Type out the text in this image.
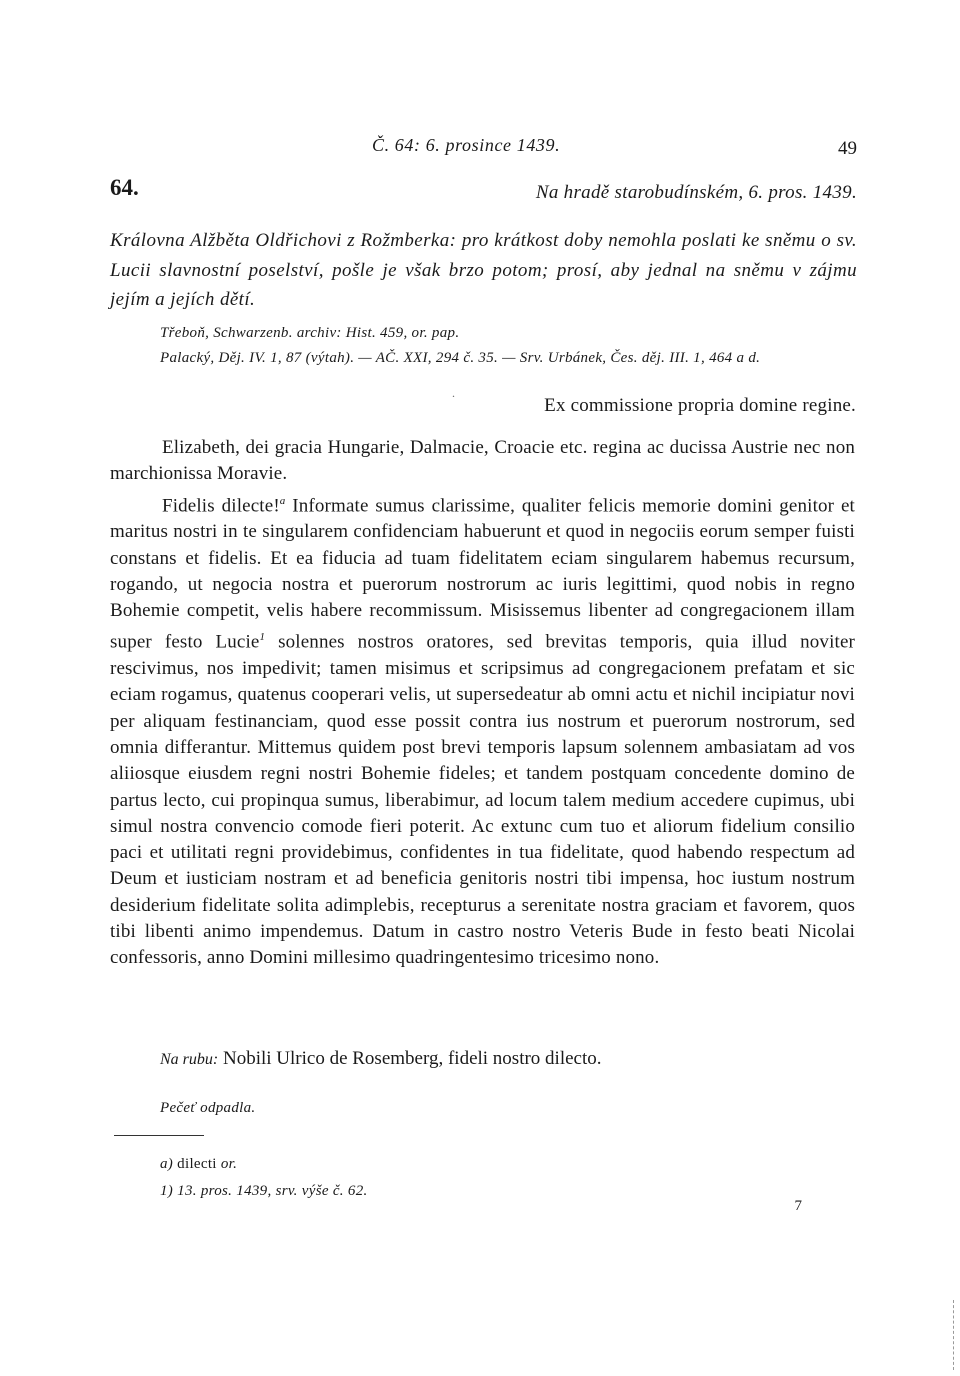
Č. 64: 6. prosince 1439.	49
64.	Na hradě starobudínském, 6. pros. 1439.
Královna Alžběta Oldřichovi z Rožmberka: pro krátkost doby nemohla poslati ke sněmu o sv. Lucii slavnostní poselství, pošle je však brzo potom; prosí, aby jednal na sněmu v zájmu jejím a jejích dětí.
Třeboň, Schwarzenb. archiv: Hist. 459, or. pap.
Palacký, Děj. IV. 1, 87 (výtah). — AČ. XXI, 294 č. 35. — Srv. Urbánek, Čes. děj. III. 1, 464 a d.
.
Ex commissione propria domine regine.

Elizabeth, dei gracia Hungarie, Dalmacie, Croacie etc. regina ac ducissa Austrie nec non marchionissa Moravie.

Fidelis dilecte!$^a$ Informate sumus clarissime, qualiter felicis memorie domini genitor et maritus nostri in te singularem confidenciam habuerunt et quod in negociis eorum semper fuisti constans et fidelis. Et ea fiducia ad tuam fidelitatem eciam singularem habemus recursum, rogando, ut negocia nostra et puerorum nostrorum ac iuris legittimi, quod nobis in regno Bohemie competit, velis habere recommissum. Misissemus libenter ad congregacionem illam super festo Lucie$^1$ solennes nostros oratores, sed brevitas temporis, quia illud noviter rescivimus, nos impedivit; tamen misimus et scripsimus ad congregacionem prefatam et sic eciam rogamus, quatenus cooperari velis, ut supersedeatur ab omni actu et nichil incipiatur novi per aliquam festinanciam, quod esse possit contra ius nostrum et puerorum nostrorum, sed omnia differantur. Mittemus quidem post brevi temporis lapsum solennem ambasiatam ad vos aliiosque eiusdem regni nostri Bohemie fideles; et tandem postquam concedente domino de partus lecto, cui propinqua sumus, liberabimur, ad locum talem medium accedere cupimus, ubi simul nostra convencio comode fieri poterit. Ac extunc cum tuo et aliorum fidelium consilio paci et utilitati regni providebimus, confidentes in tua fidelitate, quod habendo respectum ad Deum et iusticiam nostram et ad beneficia genitoris nostri tibi impensa, hoc iustum nostrum desiderium fidelitate solita adimplebis, recepturus a serenitate nostra graciam et favorem, quos tibi libenti animo impendemus. Datum in castro nostro Veteris Bude in festo beati Nicolai confessoris, anno Domini millesimo quadringentesimo tricesimo nono.

Na rubu: Nobili Ulrico de Rosemberg, fideli nostro dilecto.
Pečeť odpadla.
a) dilecti or.
1) 13. pros. 1439, srv. výše č. 62.
7
